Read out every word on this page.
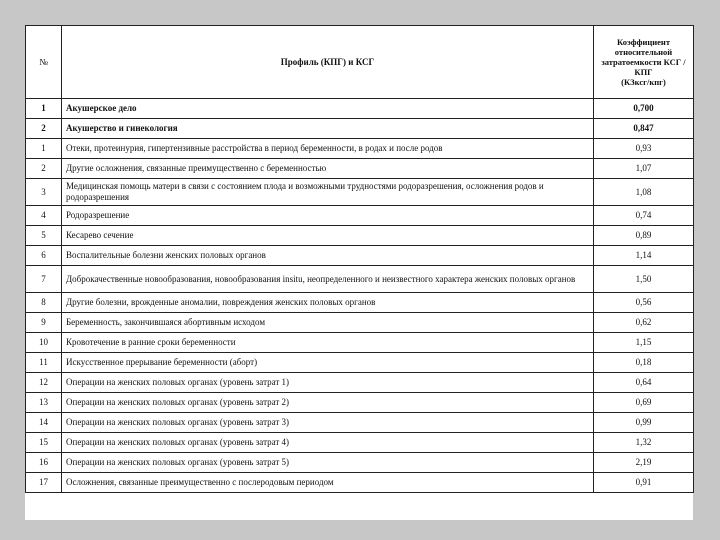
№	Профиль (КПГ) и КСГ	Коэффициент
относительной
затратоемкости КСГ /
КПГ
(КЗксг/кпг)

1	Акушерское дело	0,700
2	Акушерство и гинекология	0,847
1	Отеки, протеинурия, гипертензивные расстройства в период беременности, в родах и после родов	0,93
2	Другие осложнения, связанные преимущественно с беременностью	1,07
3	Медицинская помощь матери в связи с состоянием плода и возможными трудностями родоразрешения, осложнения родов и родоразрешения	1,08
4	Родоразрешение	0,74
5	Кесарево сечение	0,89
6	Воспалительные болезни женских половых органов	1,14
7	Доброкачественные новообразования, новообразования insitu, неопределенного и неизвестного характера женских половых органов	1,50
8	Другие болезни, врожденные аномалии, повреждения женских половых органов	0,56
9	Беременность, закончившаяся абортивным исходом	0,62
10	Кровотечение в ранние сроки беременности	1,15
11	Искусственное прерывание беременности (аборт)	0,18
12	Операции на женских половых органах (уровень затрат 1)	0,64
13	Операции на женских половых органах (уровень затрат 2)	0,69
14	Операции на женских половых органах (уровень затрат 3)	0,99
15	Операции на женских половых органах (уровень затрат 4)	1,32
16	Операции на женских половых органах (уровень затрат 5)	2,19
17	Осложнения, связанные преимущественно с послеродовым периодом	0,91
